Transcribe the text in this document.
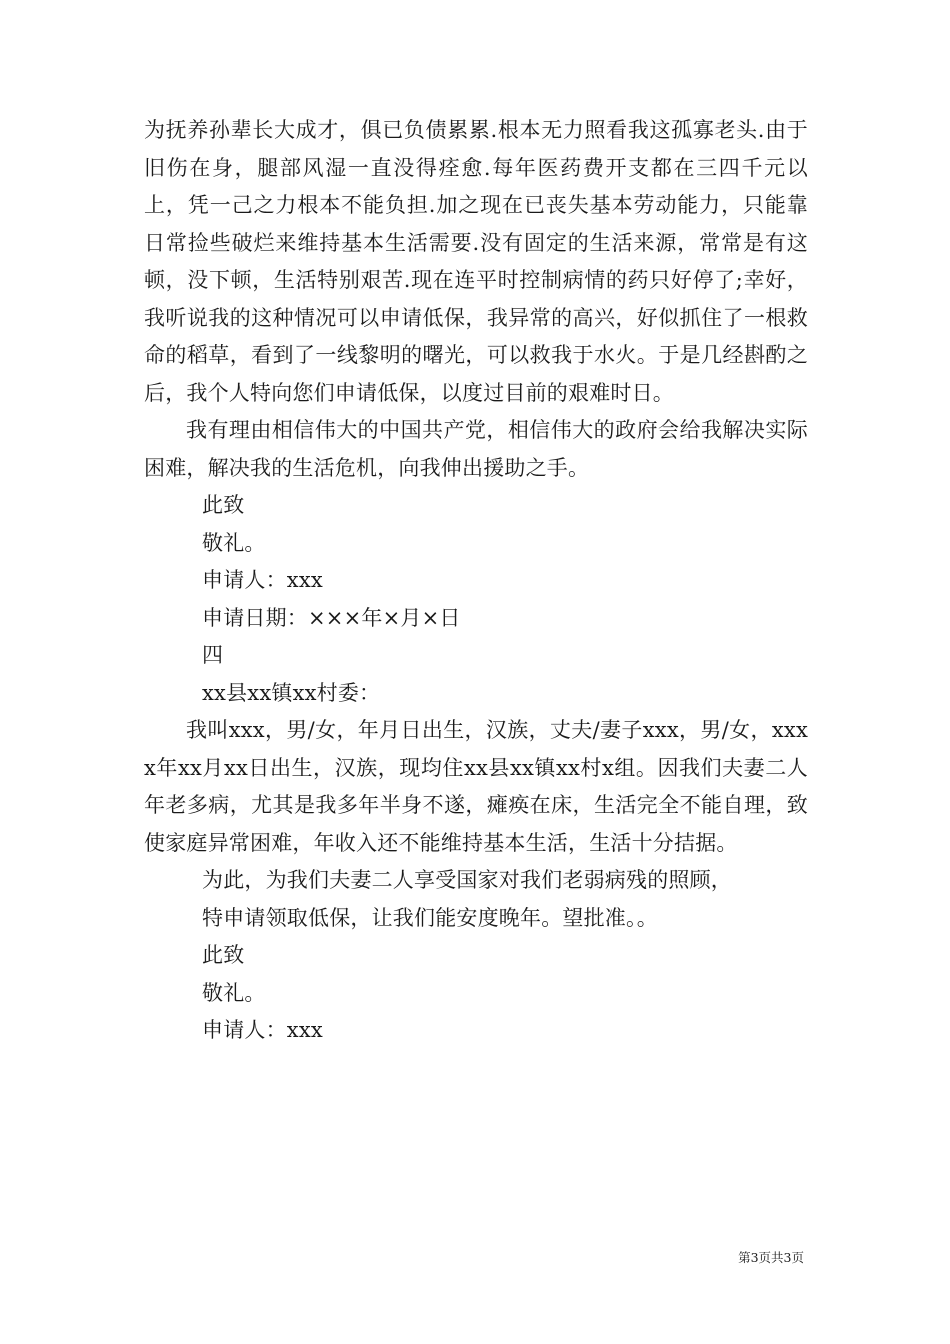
为抚养孙辈长大成才，俱已负债累累.根本无力照看我这孤寡老头.由于旧伤在身，腿部风湿一直没得痊愈.每年医药费开支都在三四千元以上，凭一己之力根本不能负担.加之现在已丧失基本劳动能力，只能靠日常捡些破烂来维持基本生活需要.没有固定的生活来源，常常是有这顿，没下顿，生活特别艰苦.现在连平时控制病情的药只好停了;幸好，我听说我的这种情况可以申请低保，我异常的高兴，好似抓住了一根救命的稻草，看到了一线黎明的曙光，可以救我于水火。于是几经斟酌之后，我个人特向您们申请低保，以度过目前的艰难时日。

我有理由相信伟大的中国共产党，相信伟大的政府会给我解决实际困难，解决我的生活危机，向我伸出援助之手。

此致

敬礼。

申请人：xxx

申请日期：×××年×月×日

四

xx县xx镇xx村委：

我叫xxx，男/女，年月日出生，汉族，丈夫/妻子xxx，男/女，xxxx年xx月xx日出生，汉族，现均住xx县xx镇xx村x组。因我们夫妻二人年老多病，尤其是我多年半身不遂，瘫痪在床，生活完全不能自理，致使家庭异常困难，年收入还不能维持基本生活，生活十分拮据。

为此，为我们夫妻二人享受国家对我们老弱病残的照顾，

特申请领取低保，让我们能安度晚年。望批准。。

此致

敬礼。

申请人：xxx

第3页共3页
